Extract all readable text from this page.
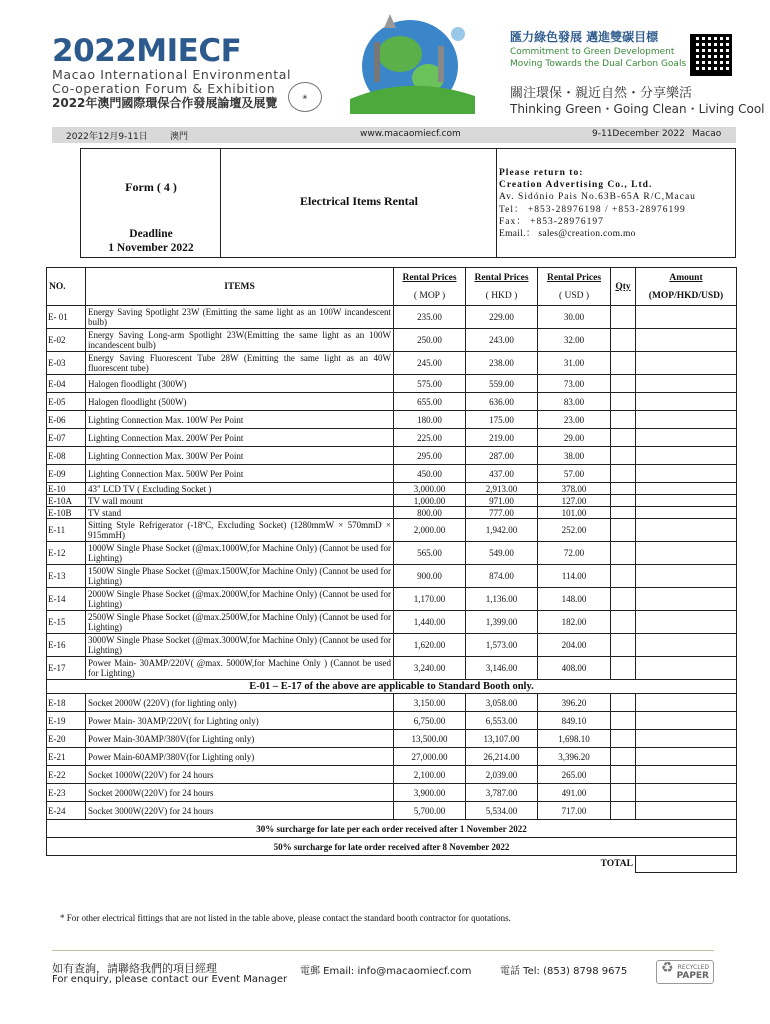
2022MIECF
Macao International Environmental
Co-operation Forum & Exhibition
2022年澳門國際環保合作發展論壇及展覽	❀
匯力綠色發展 邁進雙碳目標
Commitment to Green Development
Moving Towards the Dual Carbon Goals
關注環保・親近自然・分享樂活
Thinking Green・Going Clean・Living Cool
2022年12月9-11日 澳門	www.macaomiecf.com	9-11December 2022 Macao
Form ( 4 )
Deadline
1 November 2022
Electrical Items Rental
Please return to:
Creation Advertising Co., Ltd.
Av. Sidónio Pais No.63B-65A R/C,Macau
Tel： +853-28976198 / +853-28976199
Fax： +853-28976197
Email.： sales@creation.com.mo
NO.	ITEMS	Rental Prices	Rental Prices	Rental Prices	Qty	Amount
		( MOP )	( HKD )	( USD )		(MOP/HKD/USD)
E- 01	Energy Saving Spotlight 23W (Emitting the same light as an 100W incandescent bulb)	235.00	229.00	30.00		
E-02	Energy Saving Long-arm Spotlight 23W(Emitting the same light as an 100W incandescent bulb)	250.00	243.00	32.00		
E-03	Energy Saving Fluorescent Tube 28W (Emitting the same light as an 40W fluorescent tube)	245.00	238.00	31.00		
E-04	Halogen floodlight (300W)	575.00	559.00	73.00		
E-05	Halogen floodlight (500W)	655.00	636.00	83.00		
E-06	Lighting Connection Max. 100W Per Point	180.00	175.00	23.00		
E-07	Lighting Connection Max. 200W Per Point	225.00	219.00	29.00		
E-08	Lighting Connection Max. 300W Per Point	295.00	287.00	38.00		
E-09	Lighting Connection Max. 500W Per Point	450.00	437.00	57.00		
E-10	43" LCD TV ( Excluding Socket )	3,000.00	2,913.00	378.00		
E-10A	TV wall mount	1,000.00	971.00	127.00		
E-10B	TV stand	800.00	777.00	101.00		
E-11	Sitting Style Refrigerator (-18ºC, Excluding Socket) (1280mmW × 570mmD × 915mmH)	2,000.00	1,942.00	252.00		
E-12	1000W Single Phase Socket (@max.1000W,for Machine Only) (Cannot be used for Lighting)	565.00	549.00	72.00		
E-13	1500W Single Phase Socket (@max.1500W,for Machine Only) (Cannot be used for Lighting)	900.00	874.00	114.00		
E-14	2000W Single Phase Socket (@max.2000W,for Machine Only) (Cannot be used for Lighting)	1,170.00	1,136.00	148.00		
E-15	2500W Single Phase Socket (@max.2500W,for Machine Only) (Cannot be used for Lighting)	1,440.00	1,399.00	182.00		
E-16	3000W Single Phase Socket (@max.3000W,for Machine Only) (Cannot be used for Lighting)	1,620.00	1,573.00	204.00		
E-17	Power Main- 30AMP/220V( @max. 5000W,for Machine Only ) (Cannot be used for Lighting)	3,240.00	3,146.00	408.00		
E-01 – E-17 of the above are applicable to Standard Booth only.						
E-18	Socket 2000W (220V) (for lighting only)	3,150.00	3,058.00	396.20		
E-19	Power Main- 30AMP/220V( for Lighting only)	6,750.00	6,553.00	849.10		
E-20	Power Main-30AMP/380V(for Lighting only)	13,500.00	13,107.00	1,698.10		
E-21	Power Main-60AMP/380V(for Lighting only)	27,000.00	26,214.00	3,396.20		
E-22	Socket 1000W(220V) for 24 hours	2,100.00	2,039.00	265.00		
E-23	Socket 2000W(220V) for 24 hours	3,900.00	3,787.00	491.00		
E-24	Socket 3000W(220V) for 24 hours	5,700.00	5,534.00	717.00		
30% surcharge for late per each order received after 1 November 2022						
50% surcharge for late order received after 8 November 2022						
TOTAL						
* For other electrical fittings that are not listed in the table above, please contact the standard booth contractor for quotations.
如有查詢，請聯絡我們的項目經理
For enquiry, please contact our Event Manager
電郵 Email: info@macaomiecf.com	電話 Tel: (853) 8798 9675 ♻ RECYCLED
PAPER
